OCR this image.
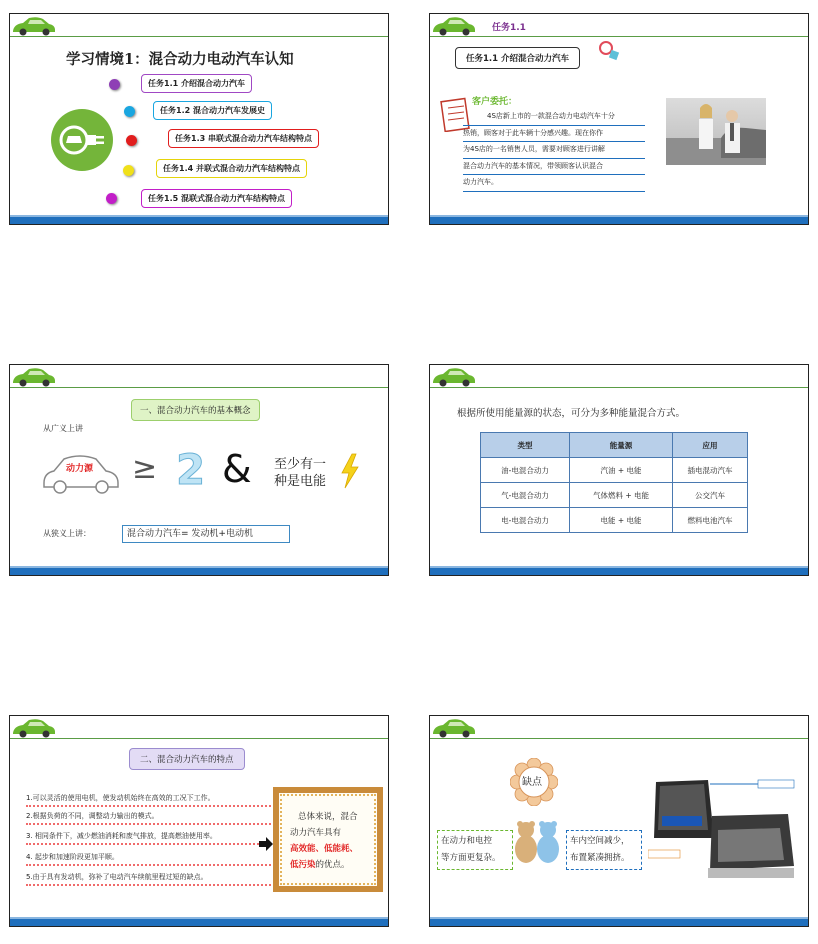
学习情境1：混合动力电动汽车认知
任务1.1 介绍混合动力汽车
任务1.2 混合动力汽车发展史
任务1.3 串联式混合动力汽车结构特点
任务1.4 并联式混合动力汽车结构特点
任务1.5 混联式混合动力汽车结构特点
任务1.1
任务1.1 介绍混合动力汽车
客户委托：
4S店新上市的一款混合动力电动汽车十分
热销，顾客对于此车辆十分感兴趣。现在你作
为4S店的一名销售人员，需要对顾客进行讲解
混合动力汽车的基本情况，带领顾客认识混合
动力汽车。
一、混合动力汽车的基本概念
从广义上讲
动力源 ≥ 2 & 至少有一
种是电能
从狭义上讲：	混合动力汽车= 发动机+电动机
根据所使用能量源的状态，可分为多种能量混合方式。
类型	能量源	应用
油-电混合动力	汽油 + 电能	插电混动汽车
气-电混合动力	气体燃料 + 电能	公交汽车
电-电混合动力	电能 + 电能	燃料电池汽车
二、混合动力汽车的特点
1.可以灵活的使用电机，使发动机始终在高效的工况下工作。
2.根据负荷的不同，调整动力输出的模式。
3. 相同条件下，减少燃油消耗和废气排放，提高燃油使用率。
4. 起步和加速阶段更加平顺。
5.由于具有发动机，弥补了电动汽车续航里程过短的缺点。
总体来说，混合
动力汽车具有
高效能、低能耗、
低污染的优点。
缺点
在动力和电控
等方面更复杂。
车内空间减少，
布置紧凑拥挤。
